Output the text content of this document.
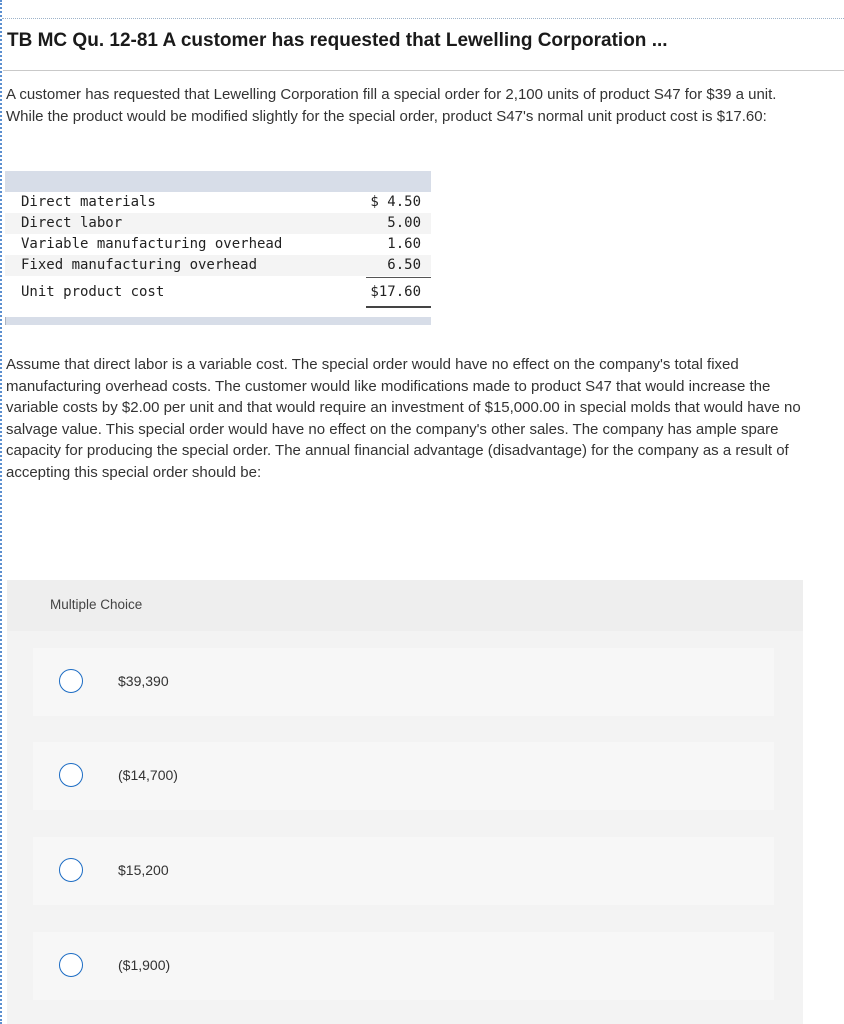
TB MC Qu. 12-81 A customer has requested that Lewelling Corporation ...
A customer has requested that Lewelling Corporation fill a special order for 2,100 units of product S47 for $39 a unit. While the product would be modified slightly for the special order, product S47's normal unit product cost is $17.60:
Direct materials	$ 4.50
Direct labor	5.00
Variable manufacturing overhead	1.60
Fixed manufacturing overhead	6.50
Unit product cost	$17.60
Assume that direct labor is a variable cost. The special order would have no effect on the company's total fixed manufacturing overhead costs. The customer would like modifications made to product S47 that would increase the variable costs by $2.00 per unit and that would require an investment of $15,000.00 in special molds that would have no salvage value. This special order would have no effect on the company's other sales. The company has ample spare capacity for producing the special order. The annual financial advantage (disadvantage) for the company as a result of accepting this special order should be:
Multiple Choice
$39,390
($14,700)
$15,200
($1,900)
